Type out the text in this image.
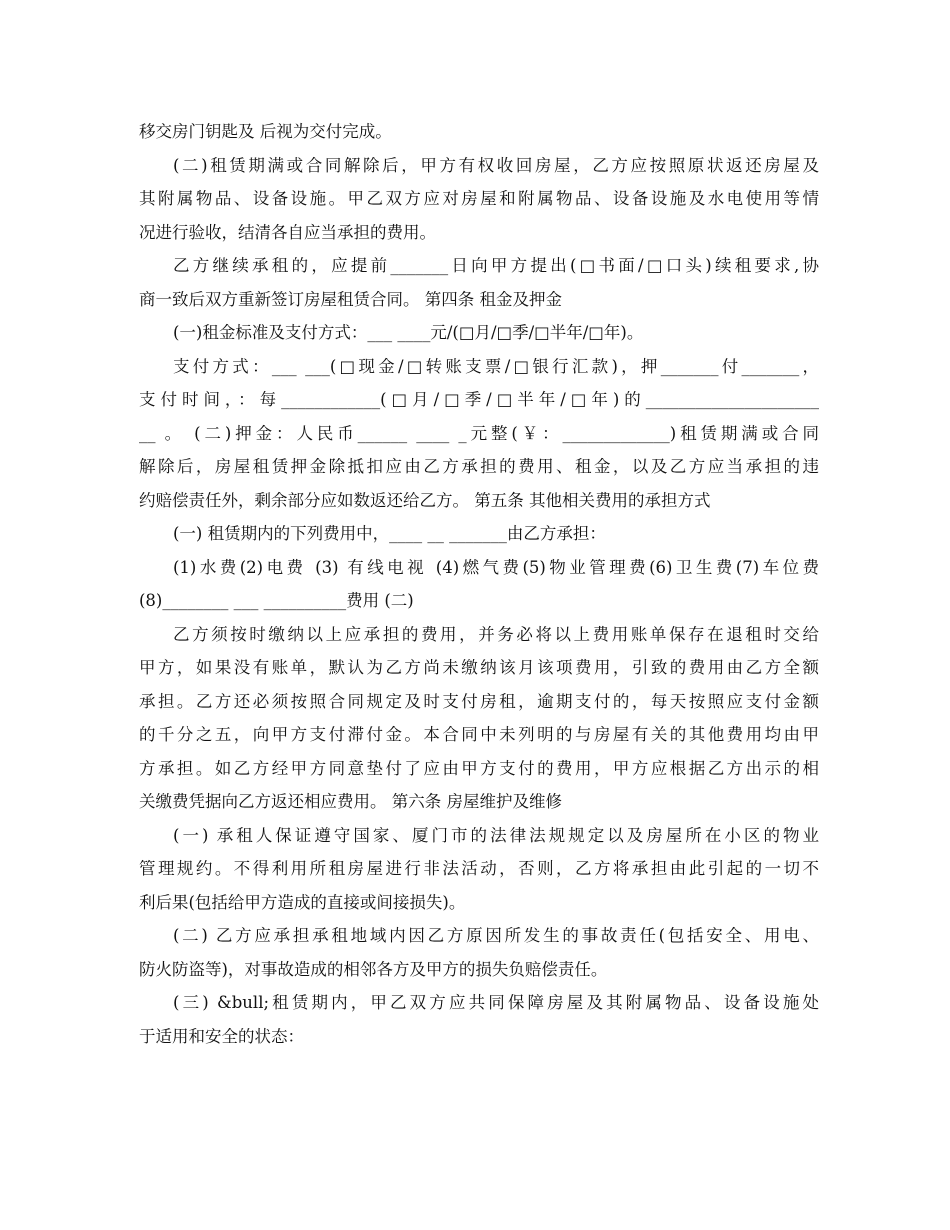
移交房门钥匙及 后视为交付完成。
(二)租赁期满或合同解除后，甲方有权收回房屋，乙方应按照原状返还房屋及
其附属物品、设备设施。甲乙双方应对房屋和附属物品、设备设施及水电使用等情
况进行验收，结清各自应当承担的费用。
乙方继续承租的，应提前_______日向甲方提出(□书面/□口头)续租要求,协
商一致后双方重新签订房屋租赁合同。 第四条 租金及押金
(一)租金标准及支付方式：___ ____元/(□月/□季/□半年/□年)。
支付方式：___ ___(□现金/□转账支票/□银行汇款)，押_______付_______，
支付时间，：每____________(□月/□季/□半年/□年)的_____________________
__ 。 (二)押金：人民币______ ____ _元整(￥：_____________)租赁期满或合同
解除后，房屋租赁押金除抵扣应由乙方承担的费用、租金，以及乙方应当承担的违
约赔偿责任外，剩余部分应如数返还给乙方。 第五条 其他相关费用的承担方式
(一) 租赁期内的下列费用中，____ __ _______由乙方承担：
(1)水费(2)电费 (3) 有线电视 (4)燃气费(5)物业管理费(6)卫生费(7)车位费
(8)________ ___ __________费用 (二)
乙方须按时缴纳以上应承担的费用，并务必将以上费用账单保存在退租时交给
甲方，如果没有账单，默认为乙方尚未缴纳该月该项费用，引致的费用由乙方全额
承担。乙方还必须按照合同规定及时支付房租，逾期支付的，每天按照应支付金额
的千分之五，向甲方支付滞付金。本合同中未列明的与房屋有关的其他费用均由甲
方承担。如乙方经甲方同意垫付了应由甲方支付的费用，甲方应根据乙方出示的相
关缴费凭据向乙方返还相应费用。 第六条 房屋维护及维修
(一) 承租人保证遵守国家、厦门市的法律法规规定以及房屋所在小区的物业
管理规约。不得利用所租房屋进行非法活动，否则，乙方将承担由此引起的一切不
利后果(包括给甲方造成的直接或间接损失)。
(二) 乙方应承担承租地域内因乙方原因所发生的事故责任(包括安全、用电、
防火防盗等)，对事故造成的相邻各方及甲方的损失负赔偿责任。
(三) &bull;租赁期内，甲乙双方应共同保障房屋及其附属物品、设备设施处
于适用和安全的状态：
